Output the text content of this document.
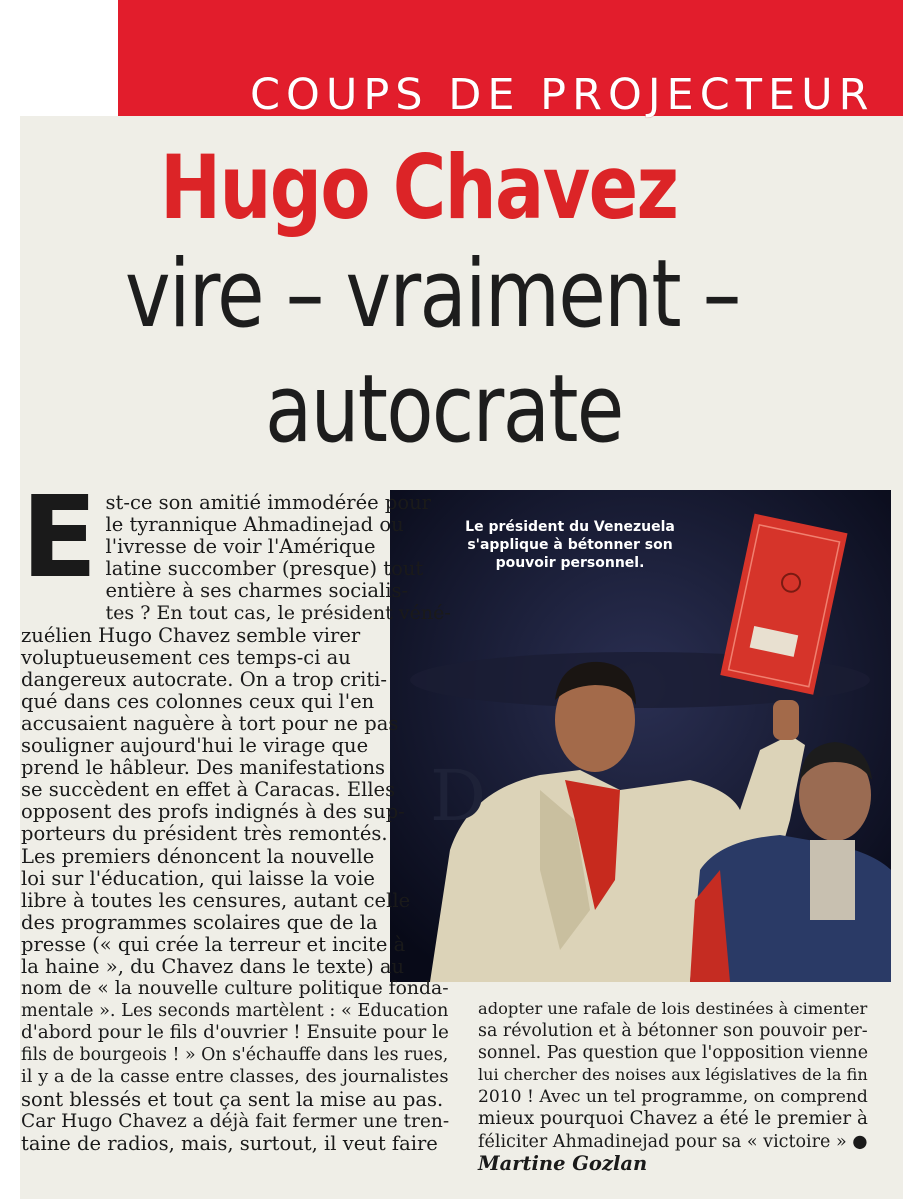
COUPS DE PROJECTEUR
Hugo Chavez
vire – vraiment –
autocrate
D
Le président du Venezuela s'applique à bétonner son pouvoir personnel.
E st-ce son amitié immodérée pour
le tyrannique Ahmadinejad ou
l'ivresse de voir l'Amérique
latine succomber (presque) tout
entière à ses charmes socialis-
tes ? En tout cas, le président véné-
zuélien Hugo Chavez semble virer
voluptueusement ces temps-ci au
dangereux autocrate. On a trop criti-
qué dans ces colonnes ceux qui l'en
accusaient naguère à tort pour ne pas
souligner aujourd'hui le virage que
prend le hâbleur. Des manifestations
se succèdent en effet à Caracas. Elles
opposent des profs indignés à des sup-
porteurs du président très remontés.
Les premiers dénoncent la nouvelle
loi sur l'éducation, qui laisse la voie
libre à toutes les censures, autant celle
des programmes scolaires que de la
presse (« qui crée la terreur et incite à
la haine », du Chavez dans le texte) au
nom de « la nouvelle culture politique fonda-
mentale ». Les seconds martèlent : « Education
d'abord pour le fils d'ouvrier ! Ensuite pour le
fils de bourgeois ! » On s'échauffe dans les rues,
il y a de la casse entre classes, des journalistes
sont blessés et tout ça sent la mise au pas.
Car Hugo Chavez a déjà fait fermer une tren-
taine de radios, mais, surtout, il veut faire
adopter une rafale de lois destinées à cimenter
sa révolution et à bétonner son pouvoir per-
sonnel. Pas question que l'opposition vienne
lui chercher des noises aux législatives de la fin
2010 ! Avec un tel programme, on comprend
mieux pourquoi Chavez a été le premier à
féliciter Ahmadinejad pour sa « victoire » ●
Martine Gozlan
